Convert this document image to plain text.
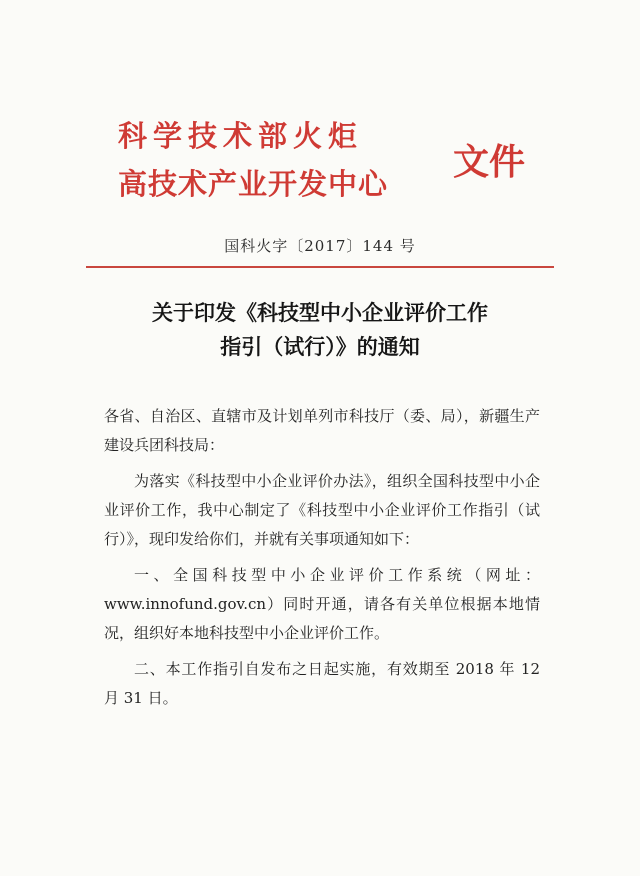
科学技术部火炬
高技术产业开发中心
文件
国科火字〔2017〕144 号
关于印发《科技型中小企业评价工作
指引（试行）》的通知

各省、自治区、直辖市及计划单列市科技厅（委、局），新疆生产建设兵团科技局：

为落实《科技型中小企业评价办法》，组织全国科技型中小企业评价工作，我中心制定了《科技型中小企业评价工作指引（试行）》，现印发给你们，并就有关事项通知如下：

一、全国科技型中小企业评价工作系统（网址：www.innofund.gov.cn）同时开通，请各有关单位根据本地情况，组织好本地科技型中小企业评价工作。

二、本工作指引自发布之日起实施，有效期至 2018 年 12 月 31 日。
